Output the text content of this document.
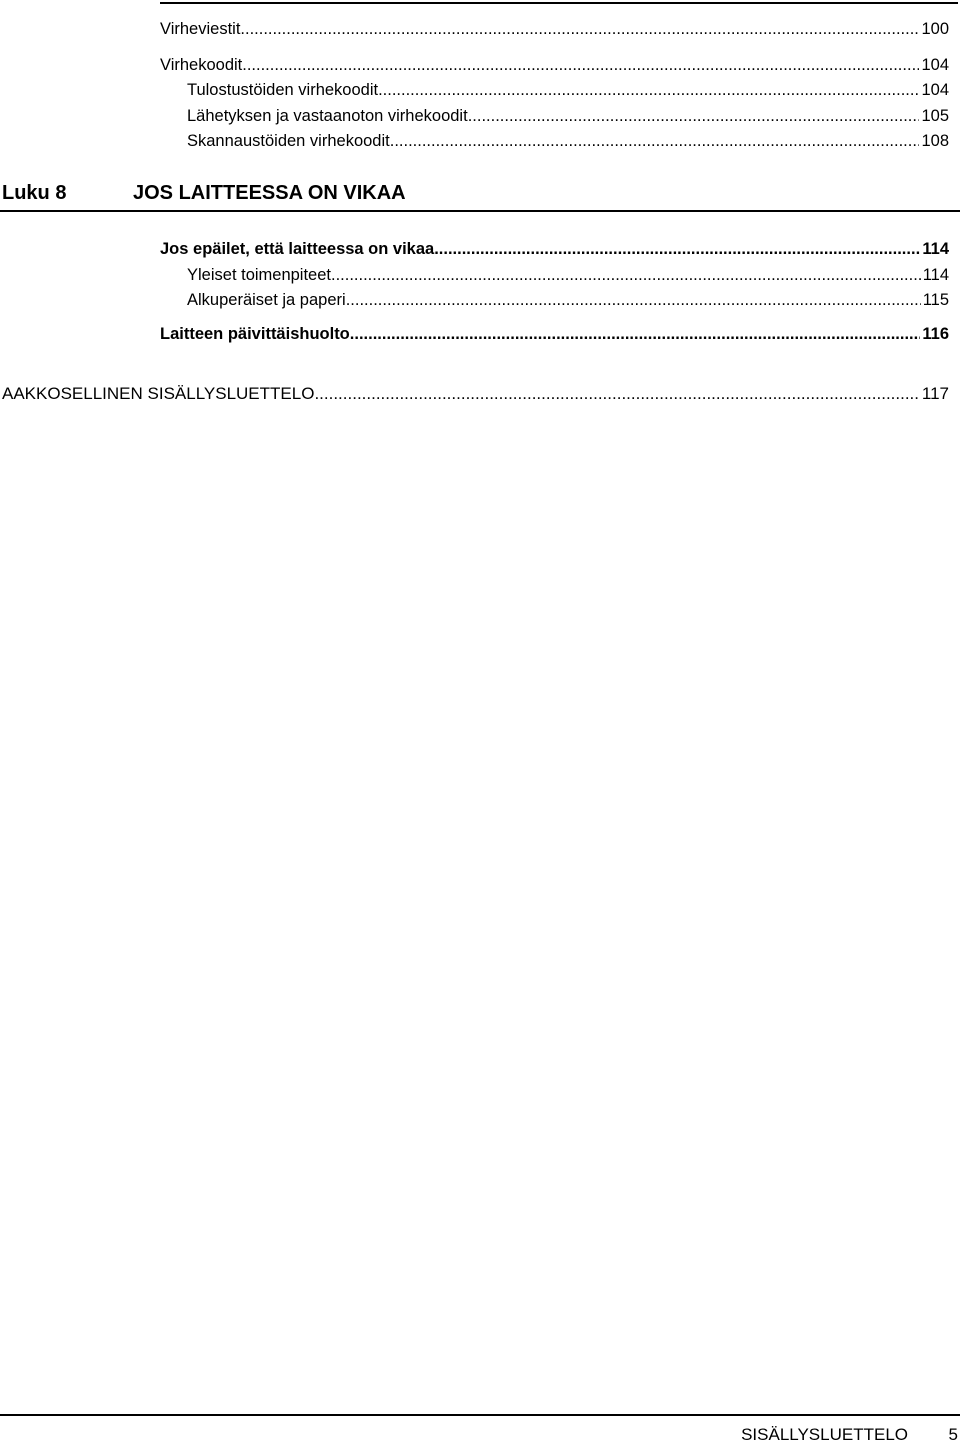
Virheviestit .....	100
Virhekoodit .....	104
Tulostustöiden virhekoodit .....	104
Lähetyksen ja vastaanoton virhekoodit .....	105
Skannaustöiden virhekoodit .....	108
Luku 8	JOS LAITTEESSA ON VIKAA
Jos epäilet, että laitteessa on vikaa .....	114
Yleiset toimenpiteet .....	114
Alkuperäiset ja paperi .....	115
Laitteen päivittäishuolto .....	116
AAKKOSELLINEN SISÄLLYSLUETTELO .....	117
SISÄLLYSLUETTELO 5
